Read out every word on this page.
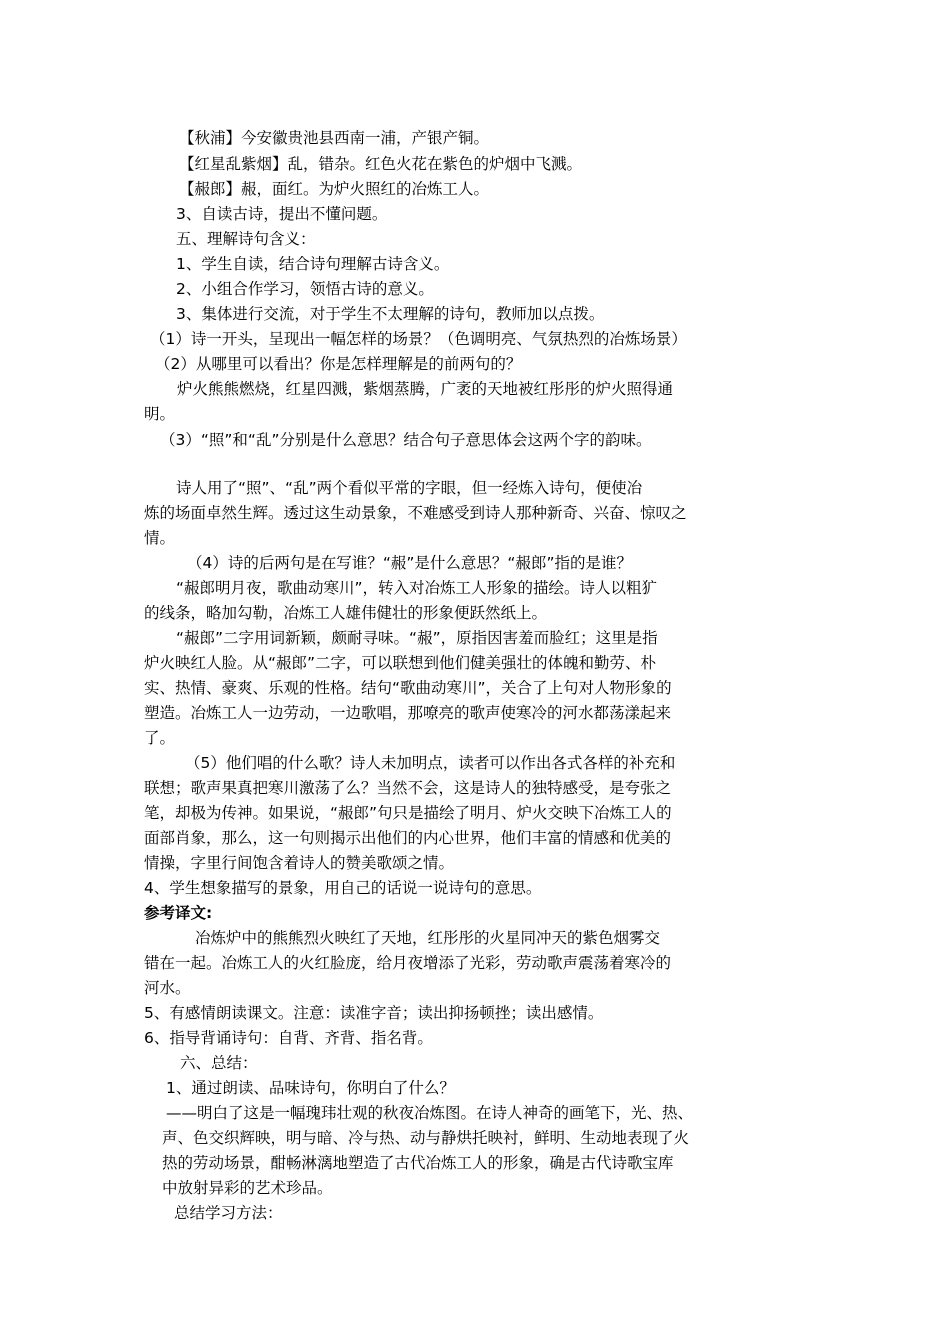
【秋浦】今安徽贵池县西南一浦，产银产铜。

【红星乱紫烟】乱，错杂。红色火花在紫色的炉烟中飞溅。

【赧郎】赧，面红。为炉火照红的冶炼工人。

3、自读古诗，提出不懂问题。

五、理解诗句含义：

1、学生自读，结合诗句理解古诗含义。

2、小组合作学习，领悟古诗的意义。

3、集体进行交流，对于学生不太理解的诗句，教师加以点拨。

（1）诗一开头，呈现出一幅怎样的场景？（色调明亮、气氛热烈的冶炼场景）

（2）从哪里可以看出？你是怎样理解是的前两句的？

炉火熊熊燃烧，红星四溅，紫烟蒸腾，广袤的天地被红彤彤的炉火照得通

明。

（3）“照”和“乱”分别是什么意思？结合句子意思体会这两个字的韵味。

诗人用了“照”、“乱”两个看似平常的字眼，但一经炼入诗句，便使冶

炼的场面卓然生辉。透过这生动景象，不难感受到诗人那种新奇、兴奋、惊叹之

情。

（4）诗的后两句是在写谁？“赧”是什么意思？“赧郎”指的是谁？

“赧郎明月夜，歌曲动寒川”，转入对冶炼工人形象的描绘。诗人以粗犷

的线条，略加勾勒，冶炼工人雄伟健壮的形象便跃然纸上。

“赧郎”二字用词新颖，颇耐寻味。“赧”，原指因害羞而脸红；这里是指

炉火映红人脸。从“赧郎”二字，可以联想到他们健美强壮的体魄和勤劳、朴

实、热情、豪爽、乐观的性格。结句“歌曲动寒川”，关合了上句对人物形象的

塑造。冶炼工人一边劳动，一边歌唱，那嘹亮的歌声使寒冷的河水都荡漾起来

了。

（5）他们唱的什么歌？诗人未加明点，读者可以作出各式各样的补充和

联想；歌声果真把寒川激荡了么？当然不会，这是诗人的独特感受，是夸张之

笔，却极为传神。如果说，“赧郎”句只是描绘了明月、炉火交映下冶炼工人的

面部肖象，那么，这一句则揭示出他们的内心世界，他们丰富的情感和优美的

情操，字里行间饱含着诗人的赞美歌颂之情。

4、学生想象描写的景象，用自己的话说一说诗句的意思。

参考译文:

冶炼炉中的熊熊烈火映红了天地，红彤彤的火星同冲天的紫色烟雾交

错在一起。冶炼工人的火红脸庞，给月夜增添了光彩，劳动歌声震荡着寒冷的

河水。

5、有感情朗读课文。注意：读准字音；读出抑扬顿挫；读出感情。

6、指导背诵诗句：自背、齐背、指名背。

六、总结：

1、通过朗读、品味诗句，你明白了什么？

——明白了这是一幅瑰玮壮观的秋夜冶炼图。在诗人神奇的画笔下，光、热、

声、色交织辉映，明与暗、冷与热、动与静烘托映衬，鲜明、生动地表现了火

热的劳动场景，酣畅淋漓地塑造了古代冶炼工人的形象，确是古代诗歌宝库

中放射异彩的艺术珍品。

总结学习方法：
